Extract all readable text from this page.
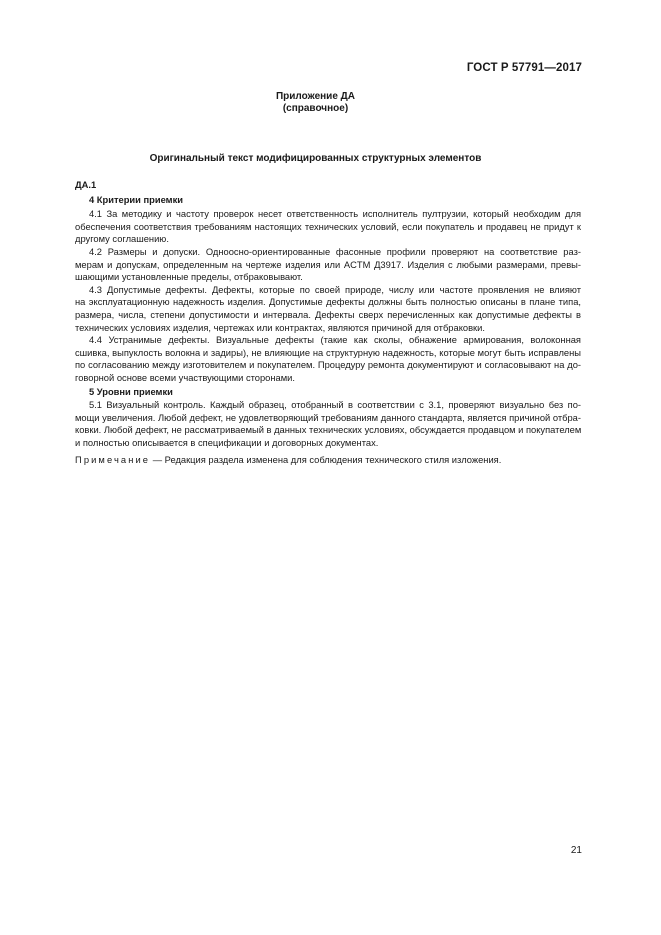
ГОСТ Р 57791—2017
Приложение ДА
(справочное)
Оригинальный текст модифицированных структурных элементов

ДА.1

4 Критерии приемки

4.1 За методику и частоту проверок несет ответственность исполнитель пултрузии, который необходим для
обеспечения соответствия требованиям настоящих технических условий, если покупатель и продавец не придут к
другому соглашению.

4.2 Размеры и допуски. Одноосно-ориентированные фасонные профили проверяют на соответствие раз-
мерам и допускам, определенным на чертеже изделия или ACTM Д3917. Изделия с любыми размерами, превы-
шающими установленные пределы, отбраковывают.

4.3 Допустимые дефекты. Дефекты, которые по своей природе, числу или частоте проявления не влияют
на эксплуатационную надежность изделия. Допустимые дефекты должны быть полностью описаны в плане типа,
размера, числа, степени допустимости и интервала. Дефекты сверх перечисленных как допустимые дефекты в
технических условиях изделия, чертежах или контрактах, являются причиной для отбраковки.

4.4 Устранимые дефекты. Визуальные дефекты (такие как сколы, обнажение армирования, волоконная
сшивка, выпуклость волокна и задиры), не влияющие на структурную надежность, которые могут быть исправлены
по согласованию между изготовителем и покупателем. Процедуру ремонта документируют и согласовывают на до-
говорной основе всеми участвующими сторонами.

5 Уровни приемки

5.1 Визуальный контроль. Каждый образец, отобранный в соответствии с 3.1, проверяют визуально без по-
мощи увеличения. Любой дефект, не удовлетворяющий требованиям данного стандарта, является причиной отбра-
ковки. Любой дефект, не рассматриваемый в данных технических условиях, обсуждается продавцом и покупателем
и полностью описывается в спецификации и договорных документах.

Примечание — Редакция раздела изменена для соблюдения технического стиля изложения.

21
